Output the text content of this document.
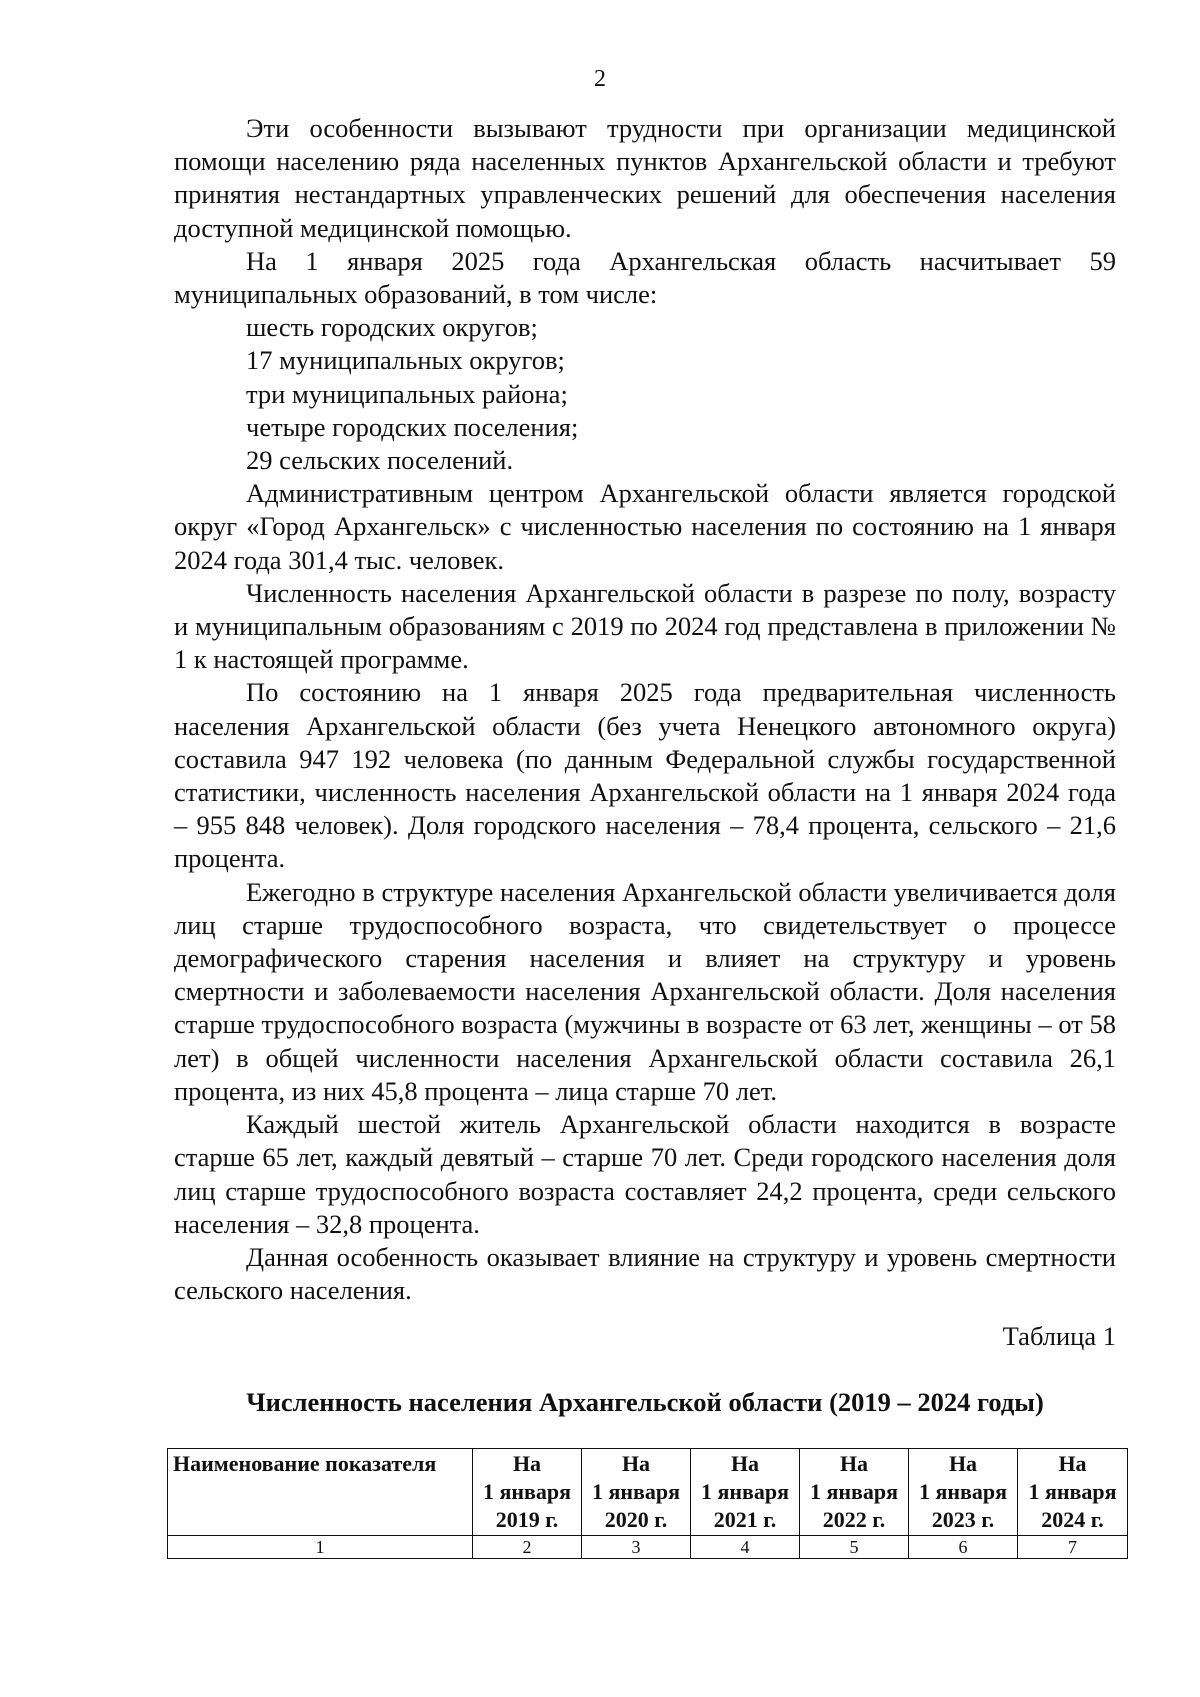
2

Эти особенности вызывают трудности при организации медицинской помощи населению ряда населенных пунктов Архангельской области и требуют принятия нестандартных управленческих решений для обеспечения населения доступной медицинской помощью.

На 1 января 2025 года Архангельская область насчитывает 59 муниципальных образований, в том числе:

шесть городских округов;

17 муниципальных округов;

три муниципальных района;

четыре городских поселения;

29 сельских поселений.

Административным центром Архангельской области является городской округ «Город Архангельск» с численностью населения по состоянию на 1 января 2024 года 301,4 тыс. человек.

Численность населения Архангельской области в разрезе по полу, возрасту и муниципальным образованиям с 2019 по 2024 год представлена в приложении № 1 к настоящей программе.

По состоянию на 1 января 2025 года предварительная численность населения Архангельской области (без учета Ненецкого автономного округа) составила 947 192 человека (по данным Федеральной службы государственной статистики, численность населения Архангельской области на 1 января 2024 года – 955 848 человек). Доля городского населения – 78,4 процента, сельского – 21,6 процента.

Ежегодно в структуре населения Архангельской области увеличивается доля лиц старше трудоспособного возраста, что свидетельствует о процессе демографического старения населения и влияет на структуру и уровень смертности и заболеваемости населения Архангельской области. Доля населения старше трудоспособного возраста (мужчины в возрасте от 63 лет, женщины – от 58 лет) в общей численности населения Архангельской области составила 26,1 процента, из них 45,8 процента – лица старше 70 лет.

Каждый шестой житель Архангельской области находится в возрасте старше 65 лет, каждый девятый – старше 70 лет. Среди городского населения доля лиц старше трудоспособного возраста составляет 24,2 процента, среди сельского населения – 32,8 процента.

Данная особенность оказывает влияние на структуру и уровень смертности сельского населения.

Таблица 1
Численность населения Архангельской области (2019 – 2024 годы)
Наименование показателя	На
1 января
2019 г.	На
1 января
2020 г.	На
1 января
2021 г.	На
1 января
2022 г.	На
1 января
2023 г.	На
1 января
2024 г.

1	2	3	4	5	6	7
